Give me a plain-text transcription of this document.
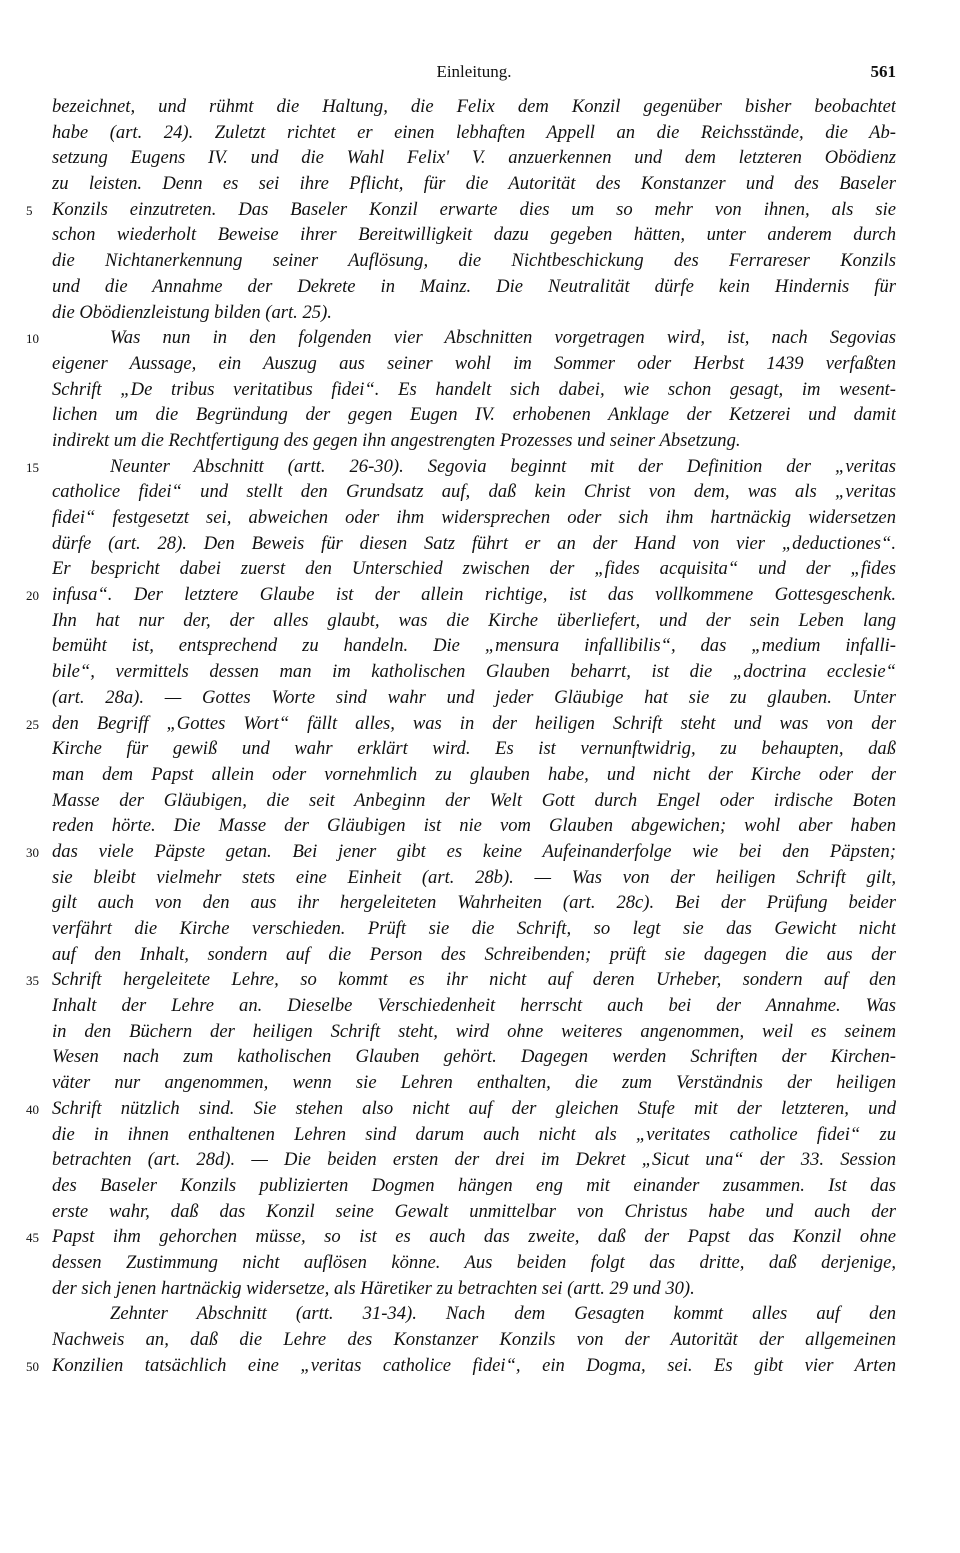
Einleitung.	561
bezeichnet, und rühmt die Haltung, die Felix dem Konzil gegenüber bisher beobachtet
habe (art. 24). Zuletzt richtet er einen lebhaften Appell an die Reichsstände, die Ab-
setzung Eugens IV. und die Wahl Felix' V. anzuerkennen und dem letzteren Obödienz
zu leisten. Denn es sei ihre Pflicht, für die Autorität des Konstanzer und des Baseler
5 Konzils einzutreten. Das Baseler Konzil erwarte dies um so mehr von ihnen, als sie
schon wiederholt Beweise ihrer Bereitwilligkeit dazu gegeben hätten, unter anderem durch
die Nichtanerkennung seiner Auflösung, die Nichtbeschickung des Ferrareser Konzils
und die Annahme der Dekrete in Mainz. Die Neutralität dürfe kein Hindernis für
die Obödienzleistung bilden (art. 25).
10	Was nun in den folgenden vier Abschnitten vorgetragen wird, ist, nach Segovias
eigener Aussage, ein Auszug aus seiner wohl im Sommer oder Herbst 1439 verfaßten
Schrift „De tribus veritatibus fidei“. Es handelt sich dabei, wie schon gesagt, im wesent-
lichen um die Begründung der gegen Eugen IV. erhobenen Anklage der Ketzerei und damit
indirekt um die Rechtfertigung des gegen ihn angestrengten Prozesses und seiner Absetzung.
15	Neunter Abschnitt (artt. 26-30). Segovia beginnt mit der Definition der „veritas
catholice fidei“ und stellt den Grundsatz auf, daß kein Christ von dem, was als „veritas
fidei“ festgesetzt sei, abweichen oder ihm widersprechen oder sich ihm hartnäckig widersetzen
dürfe (art. 28). Den Beweis für diesen Satz führt er an der Hand von vier „deductiones“.
Er bespricht dabei zuerst den Unterschied zwischen der „fides acquisita“ und der „fides
20 infusa“. Der letztere Glaube ist der allein richtige, ist das vollkommene Gottesgeschenk.
Ihn hat nur der, der alles glaubt, was die Kirche überliefert, und der sein Leben lang
bemüht ist, entsprechend zu handeln. Die „mensura infallibilis“, das „medium infalli-
bile“, vermittels dessen man im katholischen Glauben beharrt, ist die „doctrina ecclesie“
(art. 28a). — Gottes Worte sind wahr und jeder Gläubige hat sie zu glauben. Unter
25 den Begriff „Gottes Wort“ fällt alles, was in der heiligen Schrift steht und was von der
Kirche für gewiß und wahr erklärt wird. Es ist vernunftwidrig, zu behaupten, daß
man dem Papst allein oder vornehmlich zu glauben habe, und nicht der Kirche oder der
Masse der Gläubigen, die seit Anbeginn der Welt Gott durch Engel oder irdische Boten
reden hörte. Die Masse der Gläubigen ist nie vom Glauben abgewichen; wohl aber haben
30 das viele Päpste getan. Bei jener gibt es keine Aufeinanderfolge wie bei den Päpsten;
sie bleibt vielmehr stets eine Einheit (art. 28b). — Was von der heiligen Schrift gilt,
gilt auch von den aus ihr hergeleiteten Wahrheiten (art. 28c). Bei der Prüfung beider
verfährt die Kirche verschieden. Prüft sie die Schrift, so legt sie das Gewicht nicht
auf den Inhalt, sondern auf die Person des Schreibenden; prüft sie dagegen die aus der
35 Schrift hergeleitete Lehre, so kommt es ihr nicht auf deren Urheber, sondern auf den
Inhalt der Lehre an. Dieselbe Verschiedenheit herrscht auch bei der Annahme. Was
in den Büchern der heiligen Schrift steht, wird ohne weiteres angenommen, weil es seinem
Wesen nach zum katholischen Glauben gehört. Dagegen werden Schriften der Kirchen-
väter nur angenommen, wenn sie Lehren enthalten, die zum Verständnis der heiligen
40 Schrift nützlich sind. Sie stehen also nicht auf der gleichen Stufe mit der letzteren, und
die in ihnen enthaltenen Lehren sind darum auch nicht als „veritates catholice fidei“ zu
betrachten (art. 28d). — Die beiden ersten der drei im Dekret „Sicut una“ der 33. Session
des Baseler Konzils publizierten Dogmen hängen eng mit einander zusammen. Ist das
erste wahr, daß das Konzil seine Gewalt unmittelbar von Christus habe und auch der
45 Papst ihm gehorchen müsse, so ist es auch das zweite, daß der Papst das Konzil ohne
dessen Zustimmung nicht auflösen könne. Aus beiden folgt das dritte, daß derjenige,
der sich jenen hartnäckig widersetze, als Häretiker zu betrachten sei (artt. 29 und 30).
Zehnter Abschnitt (artt. 31-34). Nach dem Gesagten kommt alles auf den
Nachweis an, daß die Lehre des Konstanzer Konzils von der Autorität der allgemeinen
50 Konzilien tatsächlich eine „veritas catholice fidei“, ein Dogma, sei. Es gibt vier Arten
